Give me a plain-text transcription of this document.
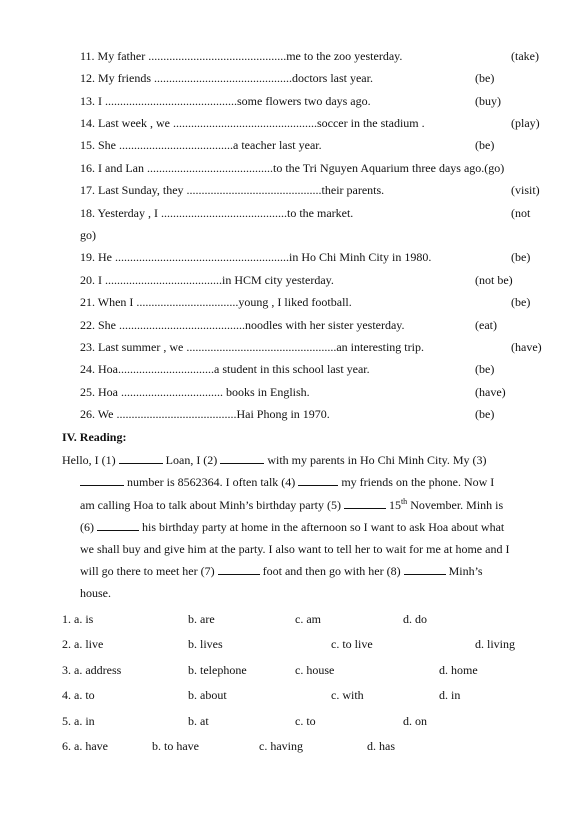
11. My father ..............................................me to the zoo yesterday.	(take)
12. My friends ..............................................doctors last year.	(be)
13. I ............................................some flowers two days ago.	(buy)
14. Last week , we ................................................soccer in the stadium .	(play)
15. She ......................................a teacher last year.	(be)
16. I and Lan ..........................................to the Tri Nguyen Aquarium three days ago.(go)
17. Last Sunday, they .............................................their parents.	(visit)
18. Yesterday , I ..........................................to the market.	(not
go)
19. He ..........................................................in Ho Chi Minh City in 1980.	(be)
20. I .......................................in HCM city yesterday.	(not be)
21. When I ..................................young , I liked football.	(be)
22. She ..........................................noodles with her sister yesterday.	(eat)
23. Last summer , we ..................................................an interesting trip.	(have)
24. Hoa................................a student in this school last year.	(be)
25. Hoa .................................. books in English.	(have)
26. We ........................................Hai Phong in 1970.	(be)
IV. Reading:
Hello, I (1)	Loan, I (2)	with my parents in Ho Chi Minh City. My (3)
number is 8562364. I often talk (4)	my friends on the phone. Now I
am calling Hoa to talk about Minh’s birthday party (5)	15th November. Minh is
(6)	his birthday party at home in the afternoon so I want to ask Hoa about what
we shall buy and give him at the party. I also want to tell her to wait for me at home and I
will go there to meet her (7)	foot and then go with her (8)	Minh’s
house.
1. a. is	b. are	c. am	d. do
2. a. live	b. lives	c. to live	d. living
3. a. address	b. telephone	c. house	d. home
4. a. to	b. about	c. with	d. in
5. a. in	b. at	c. to	d. on
6. a. have	b. to have	c. having	d. has
